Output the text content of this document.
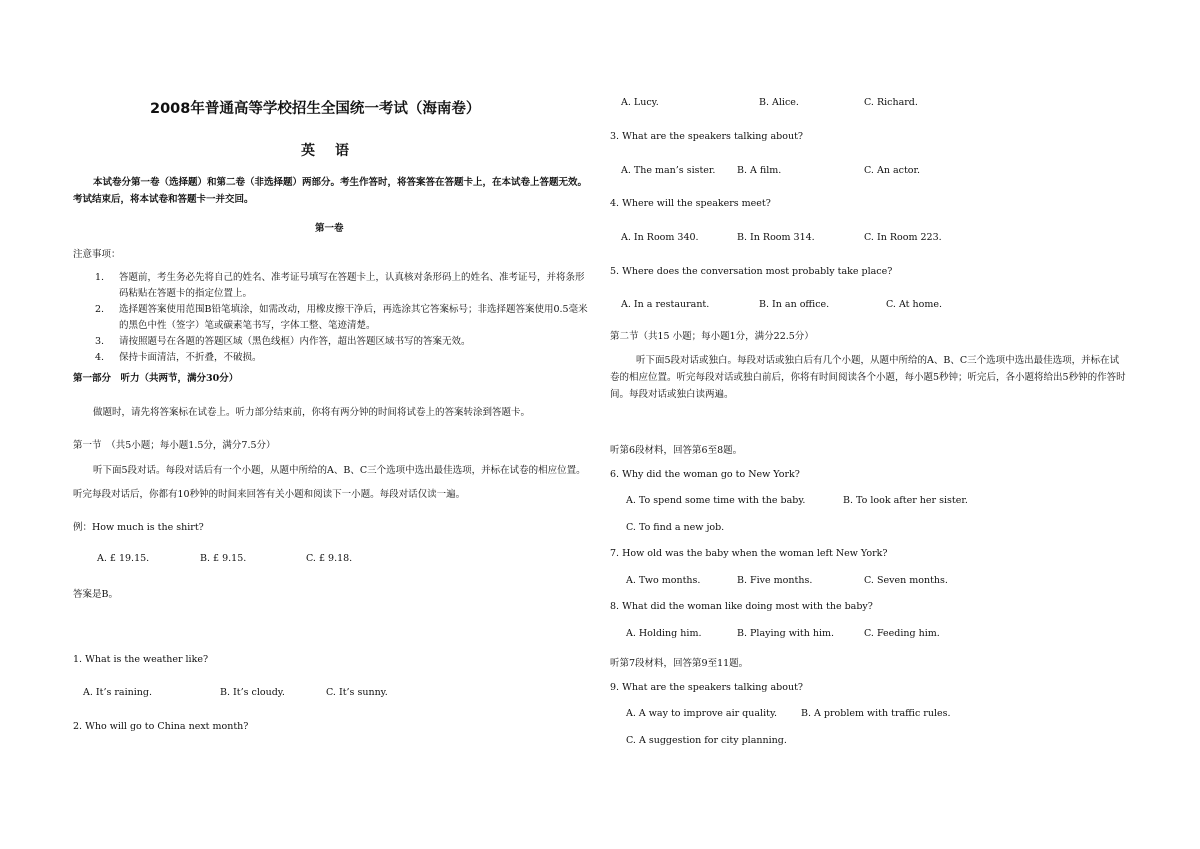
2008年普通高等学校招生全国统一考试（海南卷）
英语
本试卷分第一卷（选择题）和第二卷（非选择题）两部分。考生作答时，将答案答在答题卡上，在本试卷上答题无效。考试结束后，将本试卷和答题卡一并交回。
第一卷
注意事项：
1. 答题前，考生务必先将自己的姓名、准考证号填写在答题卡上，认真核对条形码上的姓名、准考证号，并将条形码粘贴在答题卡的指定位置上。
2. 选择题答案使用范围B铅笔填涂，如需改动，用橡皮擦干净后，再选涂其它答案标号；非选择题答案使用0.5毫米的黑色中性（签字）笔或碳素笔书写，字体工整、笔迹清楚。
3. 请按照题号在各题的答题区域（黑色线框）内作答，超出答题区域书写的答案无效。
4. 保持卡面清洁，不折叠，不破损。
第一部分　听力（共两节，满分30分）
做题时，请先将答案标在试卷上。听力部分结束前，你将有两分钟的时间将试卷上的答案转涂到答题卡。
第一节　（共5小题；每小题1.5分，满分7.5分）
听下面5段对话。每段对话后有一个小题，从题中所给的A、B、C三个选项中选出最佳选项，并标在试卷的相应位置。听完每段对话后，你都有10秒钟的时间来回答有关小题和阅读下一小题。每段对话仅读一遍。
例：How much is the shirt?
A. £ 19.15.	B. £ 9.15.	C. £ 9.18.
答案是B。
1. What is the weather like?
A. It’s raining.	B. It’s cloudy.	C. It’s sunny.
2. Who will go to China next month?
A. Lucy.	B. Alice.	C. Richard.
3. What are the speakers talking about?
A. The man’s sister. B. A film.	C. An actor.
4. Where will the speakers meet?
A. In Room 340.	B. In Room 314.	C. In Room 223.
5. Where does the conversation most probably take place?
A. In a restaurant.	B. In an office.	C. At home.
第二节（共15 小题；每小题1分，满分22.5分）
听下面5段对话或独白。每段对话或独白后有几个小题，从题中所给的A、B、C三个选项中选出最佳选项，并标在试卷的相应位置。听完每段对话或独白前后，你将有时间阅读各个小题，每小题5秒钟；听完后，各小题将给出5秒钟的作答时间。每段对话或独白读两遍。
听第6段材料，回答第6至8题。
6. Why did the woman go to New York?
A. To spend some time with the baby.	B. To look after her sister.
C. To find a new job.
7. How old was the baby when the woman left New York?
A. Two months.	B. Five months.	C. Seven months.
8. What did the woman like doing most with the baby?
A. Holding him.	B. Playing with him.	C. Feeding him.
听第7段材料，回答第9至11题。
9. What are the speakers talking about?
A. A way to improve air quality.	B. A problem with traffic rules.
C. A suggestion for city planning.
